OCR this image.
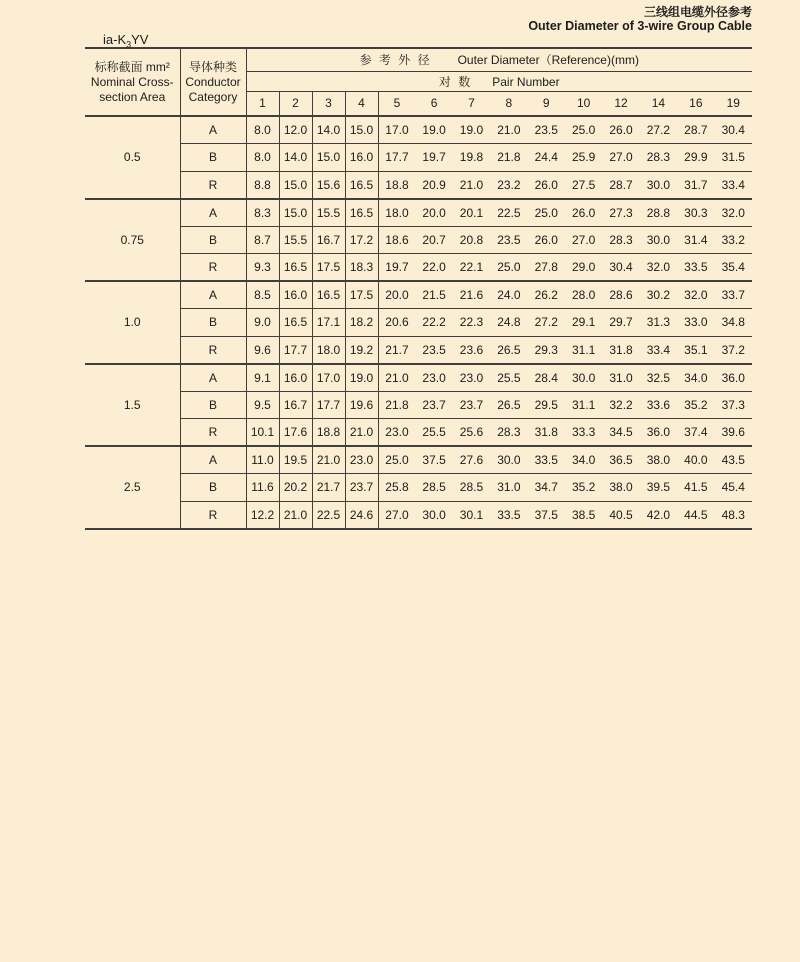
三线组电缆外径参考
Outer Diameter of 3-wire Group Cable
$ia-K_3YV$
标称截面 mm²
Nominal Cross-
section Area

导体种类
Conductor
Category
	参 考 外 径 Outer Diameter（Reference)(mm)
		对 数 Pair Number													
		1	2	3	4	5	6	7	8	9	10	12	14	16	19
0.5	A	8.0	12.0	14.0	15.0	17.0	19.0	19.0	21.0	23.5	25.0	26.0	27.2	28.7	30.4
	B	8.0	14.0	15.0	16.0	17.7	19.7	19.8	21.8	24.4	25.9	27.0	28.3	29.9	31.5
	R	8.8	15.0	15.6	16.5	18.8	20.9	21.0	23.2	26.0	27.5	28.7	30.0	31.7	33.4
0.75	A	8.3	15.0	15.5	16.5	18.0	20.0	20.1	22.5	25.0	26.0	27.3	28.8	30.3	32.0
	B	8.7	15.5	16.7	17.2	18.6	20.7	20.8	23.5	26.0	27.0	28.3	30.0	31.4	33.2
	R	9.3	16.5	17.5	18.3	19.7	22.0	22.1	25.0	27.8	29.0	30.4	32.0	33.5	35.4
1.0	A	8.5	16.0	16.5	17.5	20.0	21.5	21.6	24.0	26.2	28.0	28.6	30.2	32.0	33.7
	B	9.0	16.5	17.1	18.2	20.6	22.2	22.3	24.8	27.2	29.1	29.7	31.3	33.0	34.8
	R	9.6	17.7	18.0	19.2	21.7	23.5	23.6	26.5	29.3	31.1	31.8	33.4	35.1	37.2
1.5	A	9.1	16.0	17.0	19.0	21.0	23.0	23.0	25.5	28.4	30.0	31.0	32.5	34.0	36.0
	B	9.5	16.7	17.7	19.6	21.8	23.7	23.7	26.5	29.5	31.1	32.2	33.6	35.2	37.3
	R	10.1	17.6	18.8	21.0	23.0	25.5	25.6	28.3	31.8	33.3	34.5	36.0	37.4	39.6
2.5	A	11.0	19.5	21.0	23.0	25.0	37.5	27.6	30.0	33.5	34.0	36.5	38.0	40.0	43.5
	B	11.6	20.2	21.7	23.7	25.8	28.5	28.5	31.0	34.7	35.2	38.0	39.5	41.5	45.4
	R	12.2	21.0	22.5	24.6	27.0	30.0	30.1	33.5	37.5	38.5	40.5	42.0	44.5	48.3
